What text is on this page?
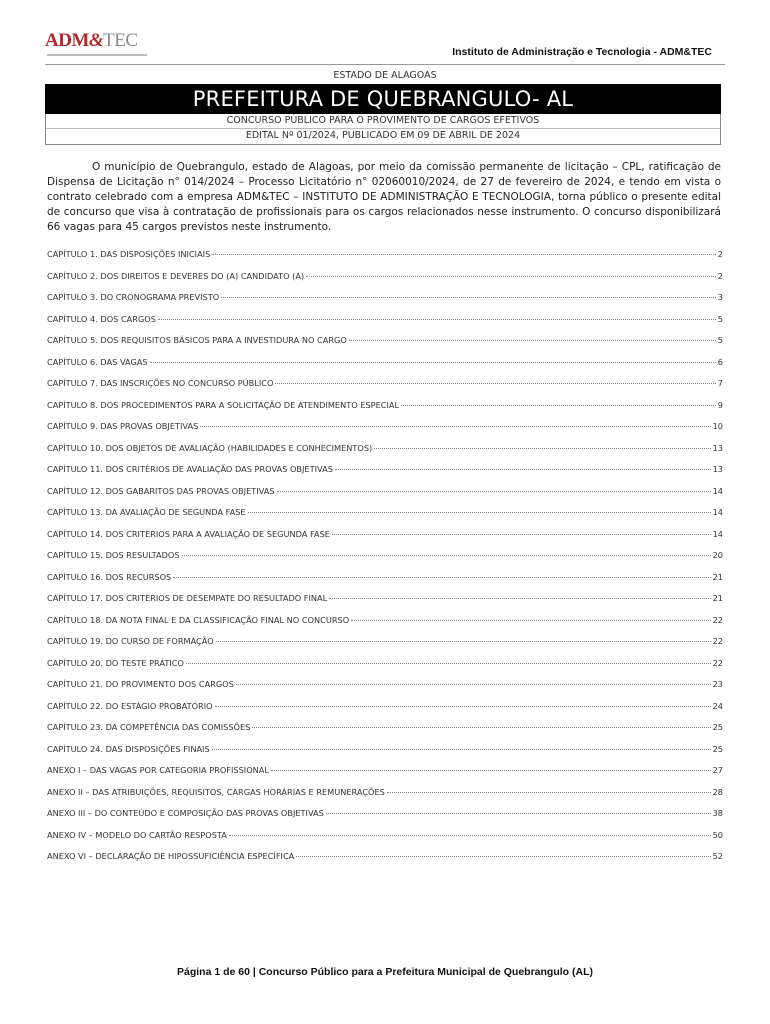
ADM&TEC
Instituto de Administração e Tecnologia - ADM&TEC
ESTADO DE ALAGOAS
PREFEITURA DE QUEBRANGULO- AL
CONCURSO PÚBLICO PARA O PROVIMENTO DE CARGOS EFETIVOS
EDITAL Nº 01/2024, PUBLICADO EM 09 DE ABRIL DE 2024
O município de Quebrangulo, estado de Alagoas, por meio da comissão permanente de licitação – CPL, ratificação de Dispensa de Licitação n° 014/2024 – Processo Licitatório n° 02060010/2024, de 27 de fevereiro de 2024, e tendo em vista o contrato celebrado com a empresa ADM&TEC – INSTITUTO DE ADMINISTRAÇÃO E TECNOLOGIA, torna público o presente edital de concurso que visa à contratação de profissionais para os cargos relacionados nesse instrumento. O concurso disponibilizará 66 vagas para 45 cargos previstos neste instrumento.
CAPÍTULO 1. DAS DISPOSIÇÕES INICIAIS	2
CAPÍTULO 2. DOS DIREITOS E DEVERES DO (A) CANDIDATO (A)	2
CAPÍTULO 3. DO CRONOGRAMA PREVISTO	3
CAPÍTULO 4. DOS CARGOS	5
CAPÍTULO 5. DOS REQUISITOS BÁSICOS PARA A INVESTIDURA NO CARGO	5
CAPÍTULO 6. DAS VAGAS	6
CAPÍTULO 7. DAS INSCRIÇÕES NO CONCURSO PÚBLICO	7
CAPÍTULO 8. DOS PROCEDIMENTOS PARA A SOLICITAÇÃO DE ATENDIMENTO ESPECIAL	9
CAPÍTULO 9. DAS PROVAS OBJETIVAS	10
CAPÍTULO 10. DOS OBJETOS DE AVALIAÇÃO (HABILIDADES E CONHECIMENTOS)	13
CAPÍTULO 11. DOS CRITÉRIOS DE AVALIAÇÃO DAS PROVAS OBJETIVAS	13
CAPÍTULO 12. DOS GABARITOS DAS PROVAS OBJETIVAS	14
CAPÍTULO 13. DA AVALIAÇÃO DE SEGUNDA FASE	14
CAPÍTULO 14. DOS CRITÉRIOS PARA A AVALIAÇÃO DE SEGUNDA FASE	14
CAPÍTULO 15. DOS RESULTADOS	20
CAPÍTULO 16. DOS RECURSOS	21
CAPÍTULO 17. DOS CRITÉRIOS DE DESEMPATE DO RESULTADO FINAL	21
CAPÍTULO 18. DA NOTA FINAL E DA CLASSIFICAÇÃO FINAL NO CONCURSO	22
CAPÍTULO 19. DO CURSO DE FORMAÇÃO	22
CAPÍTULO 20. DO TESTE PRÁTICO	22
CAPÍTULO 21. DO PROVIMENTO DOS CARGOS	23
CAPÍTULO 22. DO ESTÁGIO PROBATÓRIO	24
CAPÍTULO 23. DA COMPETÊNCIA DAS COMISSÕES	25
CAPÍTULO 24. DAS DISPOSIÇÕES FINAIS	25
ANEXO I – DAS VAGAS POR CATEGORIA PROFISSIONAL	27
ANEXO II – DAS ATRIBUIÇÕES, REQUISITOS, CARGAS HORÁRIAS E REMUNERAÇÕES	28
ANEXO III – DO CONTEÚDO E COMPOSIÇÃO DAS PROVAS OBJETIVAS	38
ANEXO IV – MODELO DO CARTÃO RESPOSTA	50
ANEXO VI – DECLARAÇÃO DE HIPOSSUFICIÊNCIA ESPECÍFICA	52
Página 1 de 60 | Concurso Público para a Prefeitura Municipal de Quebrangulo (AL)
